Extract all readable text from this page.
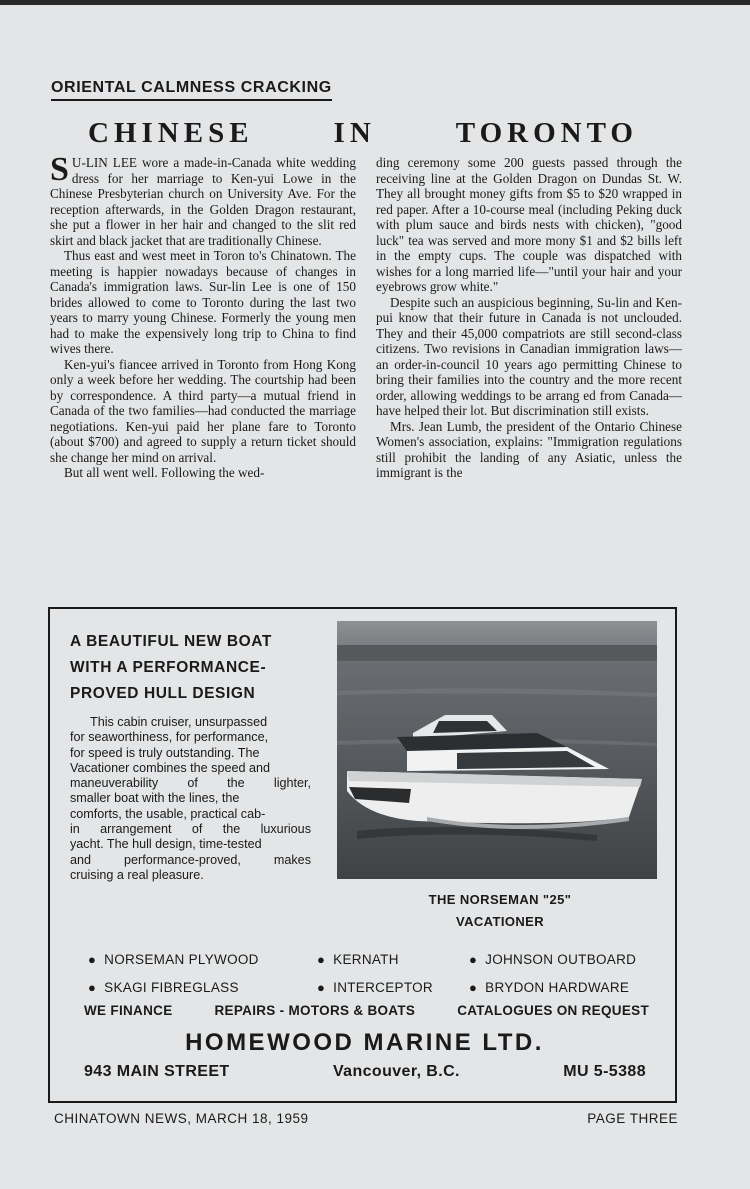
ORIENTAL CALMNESS CRACKING
CHINESE	IN	TORONTO

S U-LIN LEE wore a made-in-Canada white wedding dress for her marriage to Ken-yui Lowe in the Chinese Presbyterian church on University Ave. For the reception afterwards, in the Golden Dragon restaurant, she put a flower in her hair and changed to the slit red skirt and black jacket that are traditionally Chinese.

Thus east and west meet in Toron to's Chinatown. The meeting is happier nowadays because of changes in Canada's immigration laws. Sur-lin Lee is one of 150 brides allowed to come to Toronto during the last two years to marry young Chinese. Formerly the young men had to make the expensively long trip to China to find wives there.

Ken-yui's fiancee arrived in Toronto from Hong Kong only a week before her wedding. The courtship had been by correspondence. A third party—a mutual friend in Canada of the two families—had conducted the marriage negotiations. Ken-yui paid her plane fare to Toronto (about $700) and agreed to supply a return ticket should she change her mind on arrival.

But all went well. Following the wed-

ding ceremony some 200 guests passed through the receiving line at the Golden Dragon on Dundas St. W. They all brought money gifts from $5 to $20 wrapped in red paper. After a 10-course meal (including Peking duck with plum sauce and birds nests with chicken), "good luck" tea was served and more mony $1 and $2 bills left in the empty cups. The couple was dispatched with wishes for a long married life—"until your hair and your eyebrows grow white."

Despite such an auspicious beginning, Su-lin and Ken-pui know that their future in Canada is not unclouded. They and their 45,000 compatriots are still second-class citizens. Two revisions in Canadian immigration laws—an order-in-council 10 years ago permitting Chinese to bring their families into the country and the more recent order, allowing weddings to be arrang ed from Canada—have helped their lot. But discrimination still exists.

Mrs. Jean Lumb, the president of the Ontario Chinese Women's association, explains: "Immigration regulations still prohibit the landing of any Asiatic, unless the immigrant is the

A BEAUTIFUL NEW BOAT
WITH A PERFORMANCE-
PROVED HULL DESIGN
This cabin cruiser, unsurpassed
for seaworthiness, for performance,
for speed is truly outstanding. The
Vacationer combines the speed and
maneuverability of the lighter,
smaller boat with the lines, the
comforts, the usable, practical cab-
in arrangement of the luxurious
yacht. The hull design, time-tested
and performance-proved, makes
cruising a real pleasure.
THE NORSEMAN "25"
VACATIONER
● NORSEMAN PLYWOOD	● KERNATH	● JOHNSON OUTBOARD
● SKAGI FIBREGLASS	● INTERCEPTOR	● BRYDON HARDWARE
WE FINANCE	REPAIRS - MOTORS & BOATS	CATALOGUES ON REQUEST
HOMEWOOD MARINE LTD.
943 MAIN STREET	Vancouver, B.C.	MU 5-5388
CHINATOWN NEWS, MARCH 18, 1959	PAGE THREE
